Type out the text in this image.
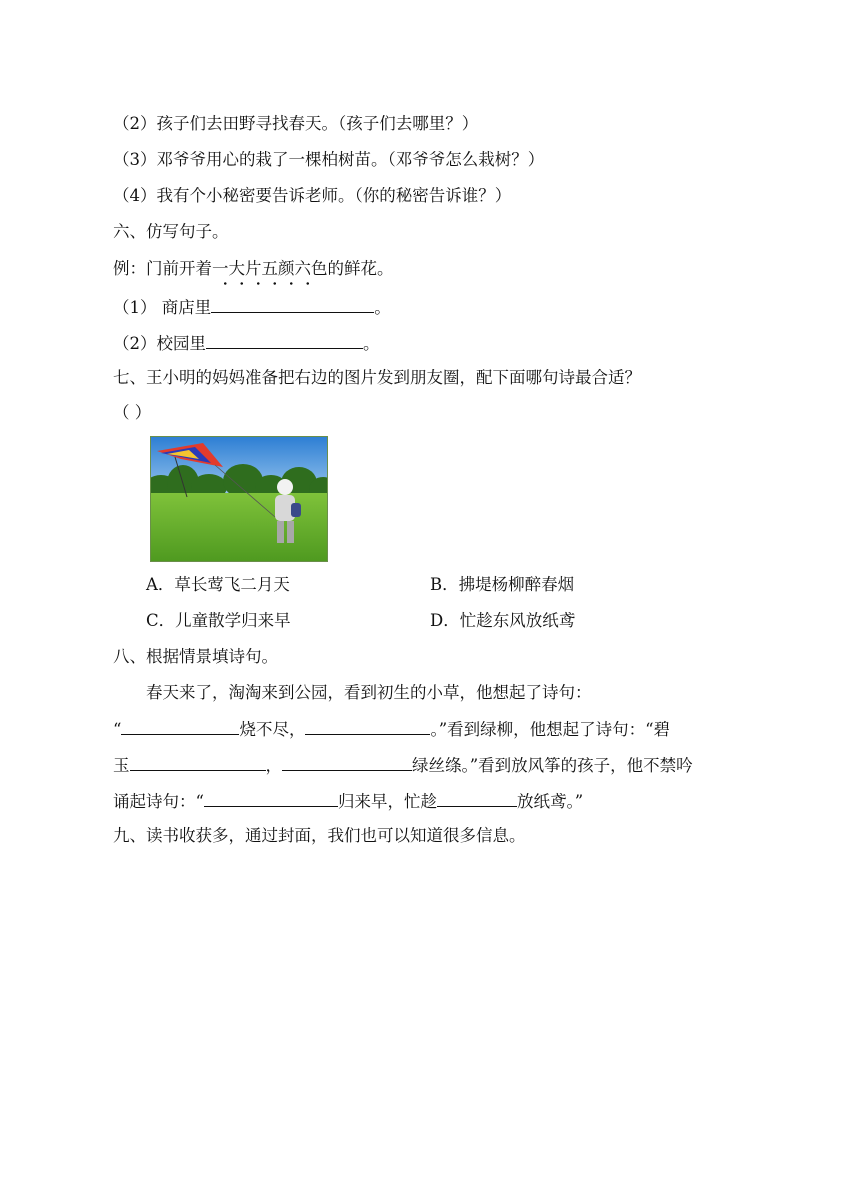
（2）孩子们去田野寻找春天。（孩子们去哪里？）
（3）邓爷爷用心的栽了一棵柏树苗。（邓爷爷怎么栽树？）
（4）我有个小秘密要告诉老师。（你的秘密告诉谁？）
六、仿写句子。
例：门前开着一大片五颜六色的鲜花。
（1） 商店里	。
（2）校园里	。
七、王小明的妈妈准备把右边的图片发到朋友圈，配下面哪句诗最合适？
（ ）
A．草长莺飞二月天	B．拂堤杨柳醉春烟
C．儿童散学归来早	D．忙趁东风放纸鸢
八、根据情景填诗句。
春天来了，淘淘来到公园，看到初生的小草，他想起了诗句：
“	烧不尽，	。”看到绿柳，他想起了诗句：“碧
玉	，	绿丝绦。”看到放风筝的孩子，他不禁吟
诵起诗句：“	归来早，忙趁	放纸鸢。”
九、读书收获多，通过封面，我们也可以知道很多信息。
